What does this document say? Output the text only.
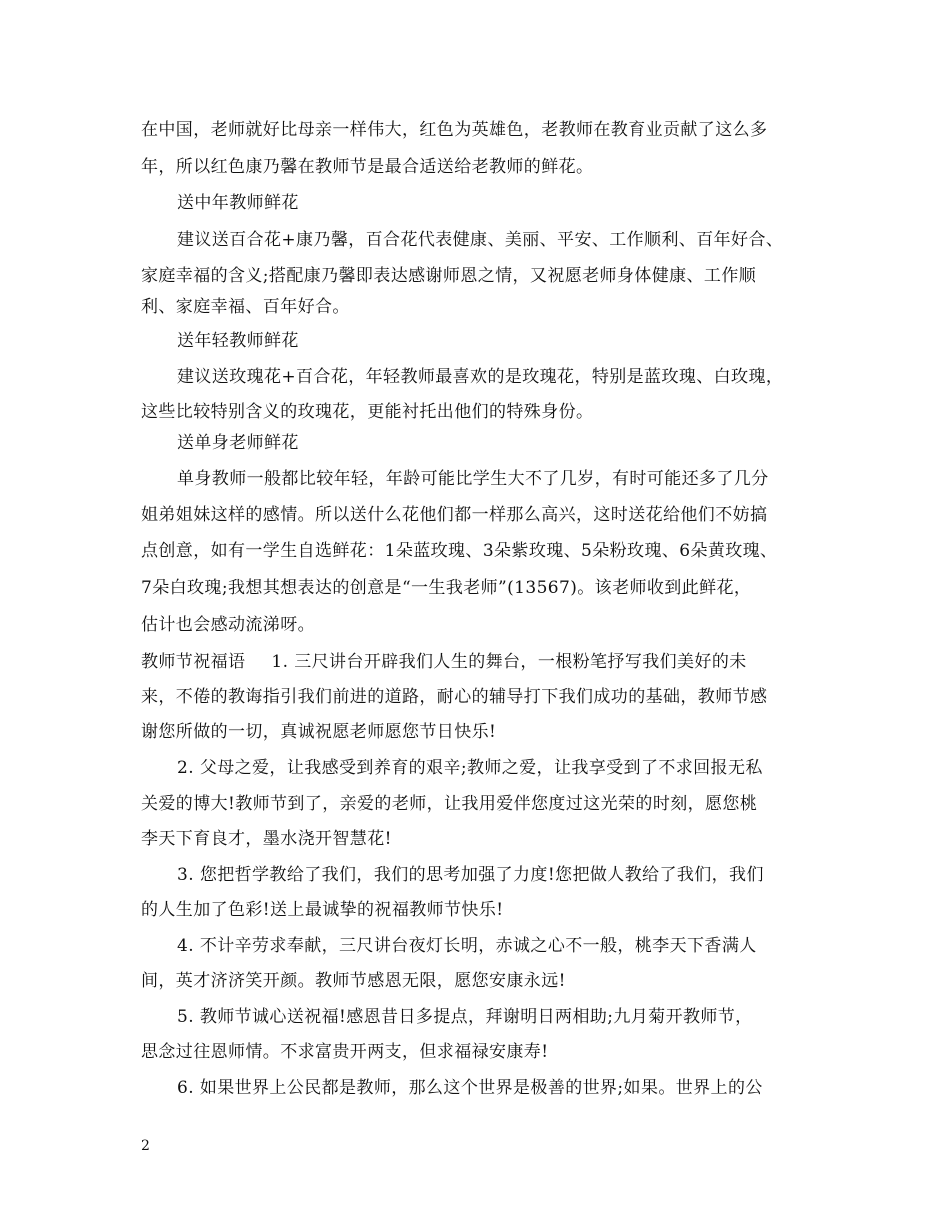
在中国，老师就好比母亲一样伟大，红色为英雄色，老教师在教育业贡献了这么多
年，所以红色康乃馨在教师节是最合适送给老教师的鲜花。
送中年教师鲜花
建议送百合花+康乃馨，百合花代表健康、美丽、平安、工作顺利、百年好合、
家庭幸福的含义;搭配康乃馨即表达感谢师恩之情，又祝愿老师身体健康、工作顺
利、家庭幸福、百年好合。
送年轻教师鲜花
建议送玫瑰花+百合花，年轻教师最喜欢的是玫瑰花，特别是蓝玫瑰、白玫瑰，
这些比较特别含义的玫瑰花，更能衬托出他们的特殊身份。
送单身老师鲜花
单身教师一般都比较年轻，年龄可能比学生大不了几岁，有时可能还多了几分
姐弟姐妹这样的感情。所以送什么花他们都一样那么高兴，这时送花给他们不妨搞
点创意，如有一学生自选鲜花：1朵蓝玫瑰、3朵紫玫瑰、5朵粉玫瑰、6朵黄玫瑰、
7朵白玫瑰;我想其想表达的创意是“一生我老师”(13567)。该老师收到此鲜花，
估计也会感动流涕呀。
教师节祝福语 1. 三尺讲台开辟我们人生的舞台，一根粉笔抒写我们美好的未
来，不倦的教诲指引我们前进的道路，耐心的辅导打下我们成功的基础，教师节感
谢您所做的一切，真诚祝愿老师愿您节日快乐!
2. 父母之爱，让我感受到养育的艰辛;教师之爱，让我享受到了不求回报无私
关爱的博大!教师节到了，亲爱的老师，让我用爱伴您度过这光荣的时刻，愿您桃
李天下育良才，墨水浇开智慧花!
3. 您把哲学教给了我们，我们的思考加强了力度!您把做人教给了我们，我们
的人生加了色彩!送上最诚挚的祝福教师节快乐!
4. 不计辛劳求奉献，三尺讲台夜灯长明，赤诚之心不一般，桃李天下香满人
间，英才济济笑开颜。教师节感恩无限，愿您安康永远!
5. 教师节诚心送祝福!感恩昔日多提点，拜谢明日两相助;九月菊开教师节，
思念过往恩师情。不求富贵开两支，但求福禄安康寿!
6. 如果世界上公民都是教师，那么这个世界是极善的世界;如果。世界上的公
2
